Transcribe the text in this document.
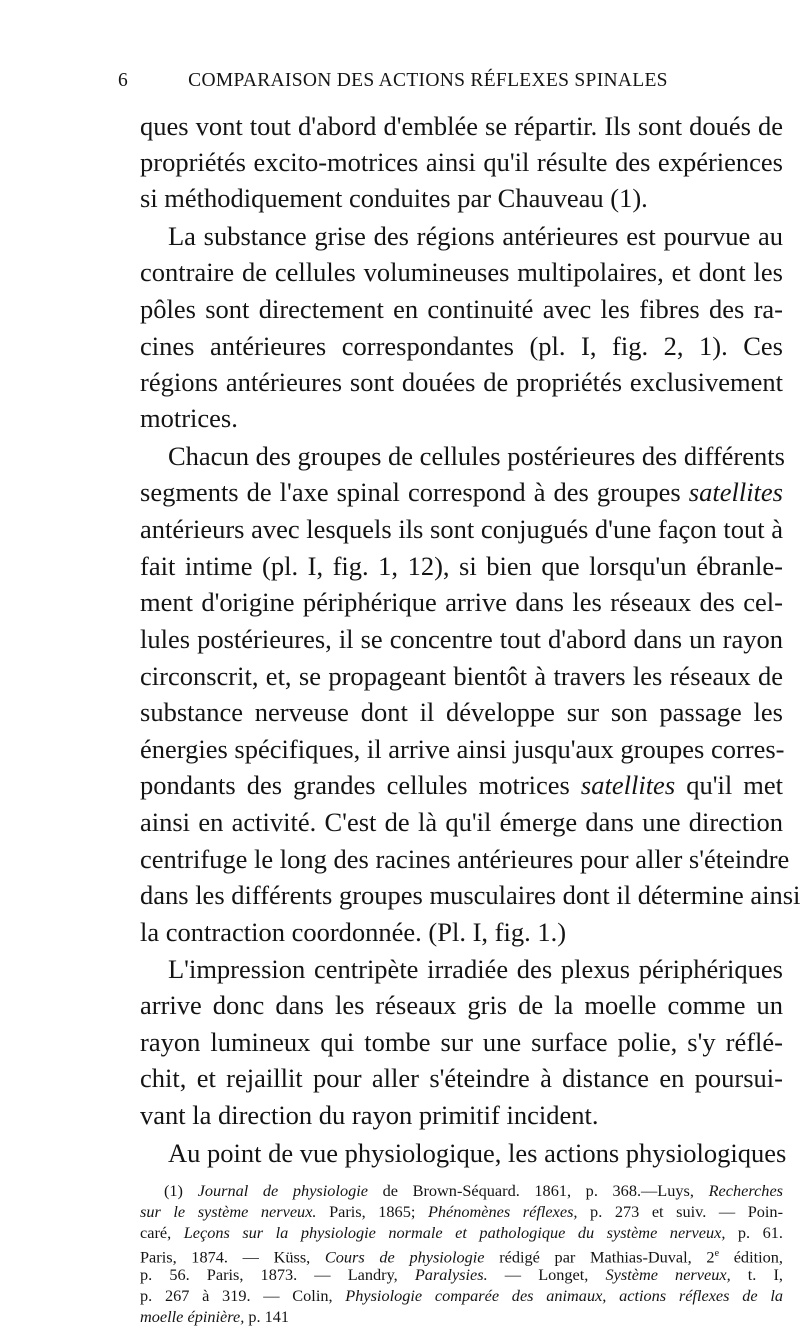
6	COMPARAISON DES ACTIONS RÉFLEXES SPINALES
ques vont tout d'abord d'emblée se répartir. Ils sont doués de
propriétés excito-motrices ainsi qu'il résulte des expériences
si méthodiquement conduites par Chauveau (1).
La substance grise des régions antérieures est pourvue au
contraire de cellules volumineuses multipolaires, et dont les
pôles sont directement en continuité avec les fibres des ra-
cines antérieures correspondantes (pl. I, fig. 2, 1). Ces
régions antérieures sont douées de propriétés exclusivement
motrices.
Chacun des groupes de cellules postérieures des différents
segments de l'axe spinal correspond à des groupes satellites
antérieurs avec lesquels ils sont conjugués d'une façon tout à
fait intime (pl. I, fig. 1, 12), si bien que lorsqu'un ébranle-
ment d'origine périphérique arrive dans les réseaux des cel-
lules postérieures, il se concentre tout d'abord dans un rayon
circonscrit, et, se propageant bientôt à travers les réseaux de
substance nerveuse dont il développe sur son passage les
énergies spécifiques, il arrive ainsi jusqu'aux groupes corres-
pondants des grandes cellules motrices satellites qu'il met
ainsi en activité. C'est de là qu'il émerge dans une direction
centrifuge le long des racines antérieures pour aller s'éteindre
dans les différents groupes musculaires dont il détermine ainsi
la contraction coordonnée. (Pl. I, fig. 1.)
L'impression centripète irradiée des plexus périphériques
arrive donc dans les réseaux gris de la moelle comme un
rayon lumineux qui tombe sur une surface polie, s'y réflé-
chit, et rejaillit pour aller s'éteindre à distance en poursui-
vant la direction du rayon primitif incident.
Au point de vue physiologique, les actions physiologiques
(1) Journal de physiologie de Brown-Séquard. 1861, p. 368.—Luys, Recherches
sur le système nerveux. Paris, 1865; Phénomènes réflexes, p. 273 et suiv. — Poin-
caré, Leçons sur la physiologie normale et pathologique du système nerveux, p. 61.
Paris, 1874. — Küss, Cours de physiologie rédigé par Mathias-Duval, 2e édition,
p. 56. Paris, 1873. — Landry, Paralysies. — Longet, Système nerveux, t. I,
p. 267 à 319. — Colin, Physiologie comparée des animaux, actions réflexes de la
moelle épinière, p. 141
